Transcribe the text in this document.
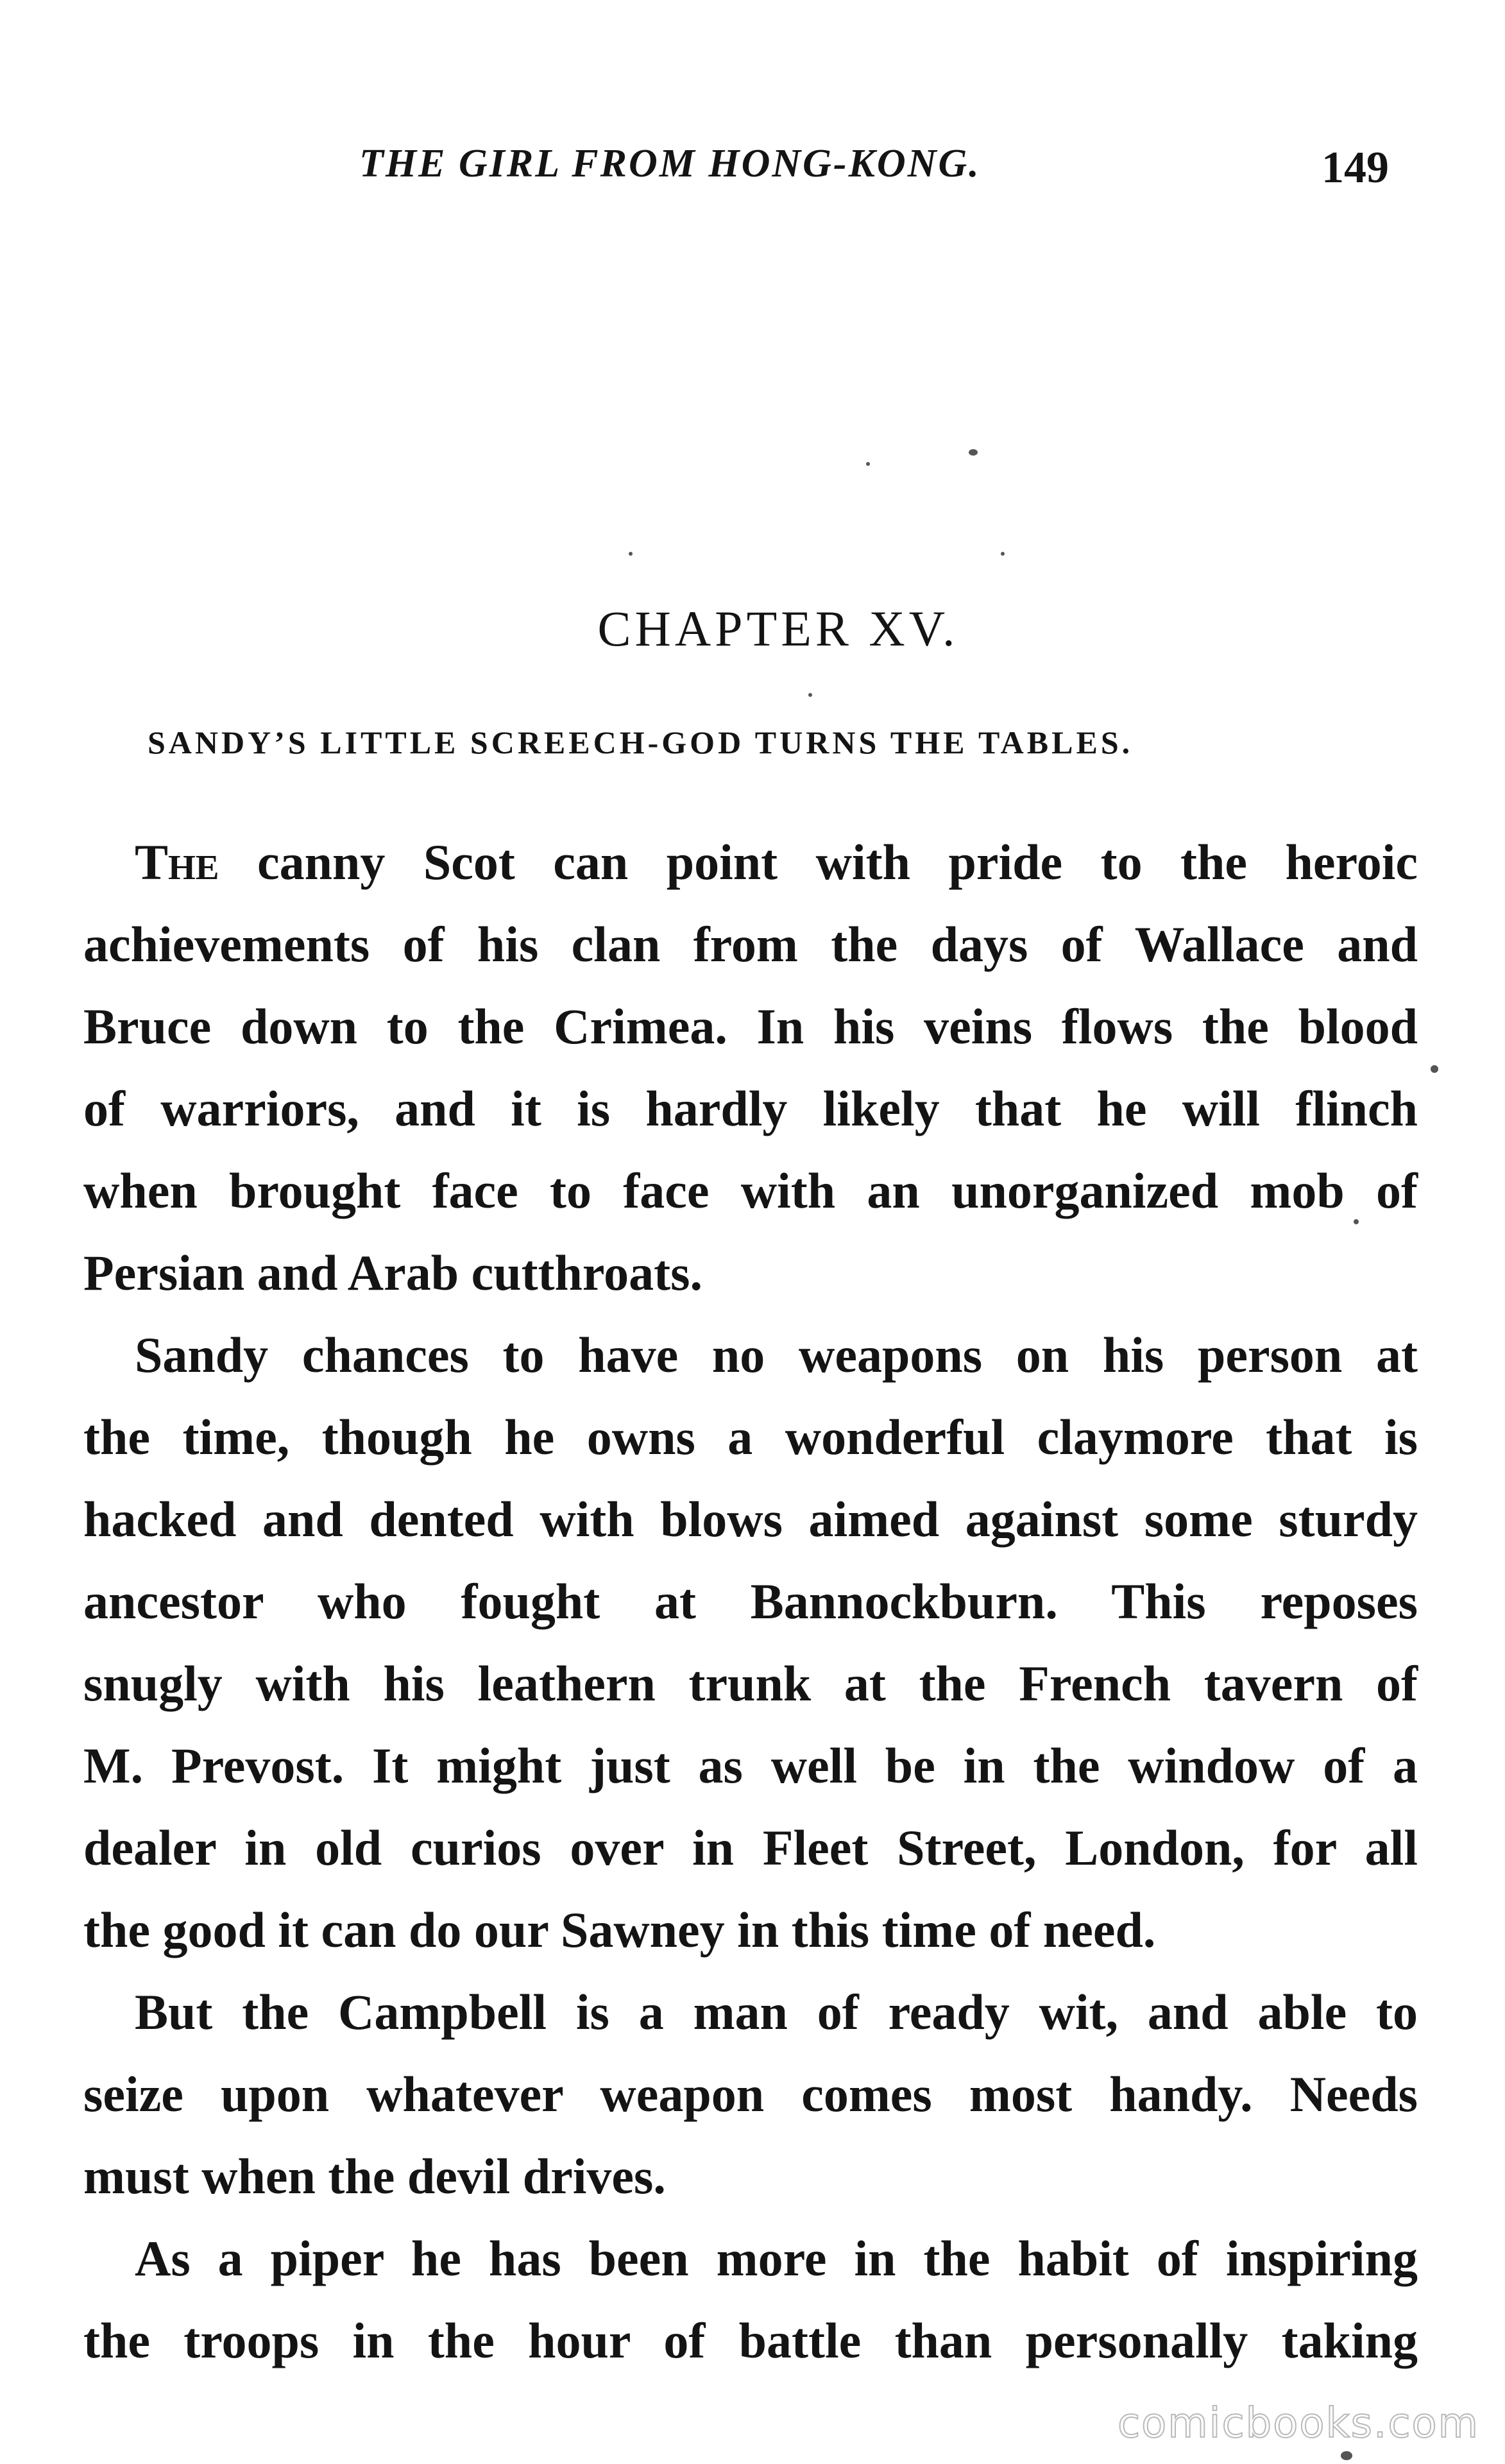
THE GIRL FROM HONG-KONG.	149
CHAPTER XV.
SANDY’S LITTLE SCREECH-GOD TURNS THE TABLES.
The canny Scot can point with pride to the heroic
achievements of his clan from the days of Wallace and
Bruce down to the Crimea. In his veins flows the blood
of warriors, and it is hardly likely that he will flinch
when brought face to face with an unorganized mob of
Persian and Arab cutthroats.
Sandy chances to have no weapons on his person at
the time, though he owns a wonderful claymore that is
hacked and dented with blows aimed against some sturdy
ancestor who fought at Bannockburn. This reposes
snugly with his leathern trunk at the French tavern of
M. Prevost. It might just as well be in the window of a
dealer in old curios over in Fleet Street, London, for all
the good it can do our Sawney in this time of need.
But the Campbell is a man of ready wit, and able to
seize upon whatever weapon comes most handy. Needs
must when the devil drives.
As a piper he has been more in the habit of inspiring
the troops in the hour of battle than personally taking
comicbooks.com
